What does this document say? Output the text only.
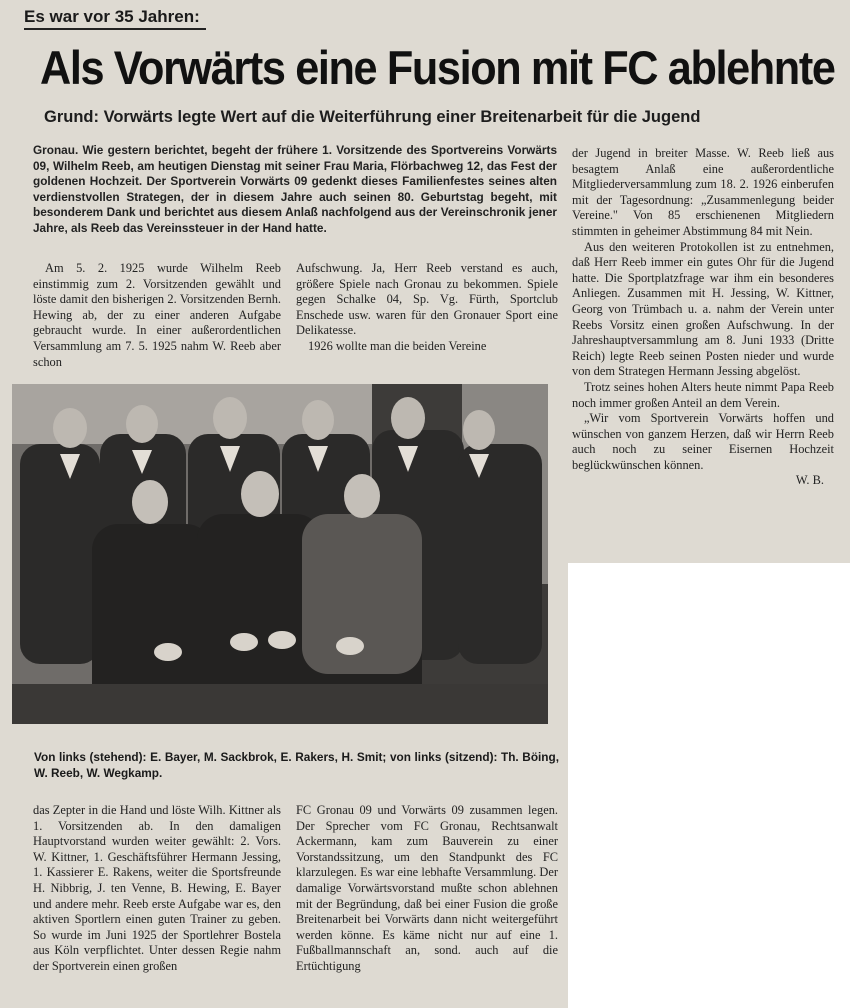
Es war vor 35 Jahren:
Als Vorwärts eine Fusion mit FC ablehnte
Grund: Vorwärts legte Wert auf die Weiterführung einer Breitenarbeit für die Jugend
Gronau. Wie gestern berichtet, begeht der frühere 1. Vorsitzende des Sportvereins Vorwärts 09, Wilhelm Reeb, am heutigen Dienstag mit seiner Frau Maria, Flörbachweg 12, das Fest der goldenen Hochzeit. Der Sportverein Vorwärts 09 gedenkt dieses Familienfestes seines alten verdienstvollen Strategen, der in diesem Jahre auch seinen 80. Geburtstag begeht, mit besonderem Dank und berichtet aus diesem Anlaß nachfolgend aus der Vereinschronik jener Jahre, als Reeb das Vereinssteuer in der Hand hatte.

Am 5. 2. 1925 wurde Wilhelm Reeb einstimmig zum 2. Vorsitzenden gewählt und löste damit den bisherigen 2. Vorsitzenden Bernh. Hewing ab, der zu einer anderen Aufgabe gebraucht wurde. In einer außerordentlichen Versammlung am 7. 5. 1925 nahm W. Reeb aber schon

Aufschwung. Ja, Herr Reeb verstand es auch, größere Spiele nach Gronau zu bekommen. Spiele gegen Schalke 04, Sp. Vg. Fürth, Sportclub Enschede usw. waren für den Gronauer Sport eine Delikatesse.

1926 wollte man die beiden Vereine

der Jugend in breiter Masse. W. Reeb ließ aus besagtem Anlaß eine außerordentliche Mitgliederversammlung zum 18. 2. 1926 einberufen mit der Tagesordnung: „Zusammenlegung beider Vereine." Von 85 erschienenen Mitgliedern stimmten in geheimer Abstimmung 84 mit Nein.

Aus den weiteren Protokollen ist zu entnehmen, daß Herr Reeb immer ein gutes Ohr für die Jugend hatte. Die Sportplatzfrage war ihm ein besonderes Anliegen. Zusammen mit H. Jessing, W. Kittner, Georg von Trümbach u. a. nahm der Verein unter Reebs Vorsitz einen großen Aufschwung. In der Jahreshauptversammlung am 8. Juni 1933 (Dritte Reich) legte Reeb seinen Posten nieder und wurde von dem Strategen Hermann Jessing abgelöst.

Trotz seines hohen Alters heute nimmt Papa Reeb noch immer großen Anteil an dem Verein.

„Wir vom Sportverein Vorwärts hoffen und wünschen von ganzem Herzen, daß wir Herrn Reeb auch noch zu seiner Eisernen Hochzeit beglückwünschen können.

W. B.
Von links (stehend): E. Bayer, M. Sackbrok, E. Rakers, H. Smit; von links (sitzend): Th. Böing, W. Reeb, W. Wegkamp.

das Zepter in die Hand und löste Wilh. Kittner als 1. Vorsitzenden ab. In den damaligen Hauptvorstand wurden weiter gewählt: 2. Vors. W. Kittner, 1. Geschäftsführer Hermann Jessing, 1. Kassierer E. Rakens, weiter die Sportsfreunde H. Nibbrig, J. ten Venne, B. Hewing, E. Bayer und andere mehr. Reeb erste Aufgabe war es, den aktiven Sportlern einen guten Trainer zu geben. So wurde im Juni 1925 der Sportlehrer Bostela aus Köln verpflichtet. Unter dessen Regie nahm der Sportverein einen großen

FC Gronau 09 und Vorwärts 09 zusammen legen. Der Sprecher vom FC Gronau, Rechtsanwalt Ackermann, kam zum Bauverein zu einer Vorstandssitzung, um den Standpunkt des FC klarzulegen. Es war eine lebhafte Versammlung. Der damalige Vorwärtsvorstand mußte schon ablehnen mit der Begründung, daß bei einer Fusion die große Breitenarbeit bei Vorwärts dann nicht weitergeführt werden könne. Es käme nicht nur auf eine 1. Fußballmannschaft an, sond. auch auf die Ertüchtigung
